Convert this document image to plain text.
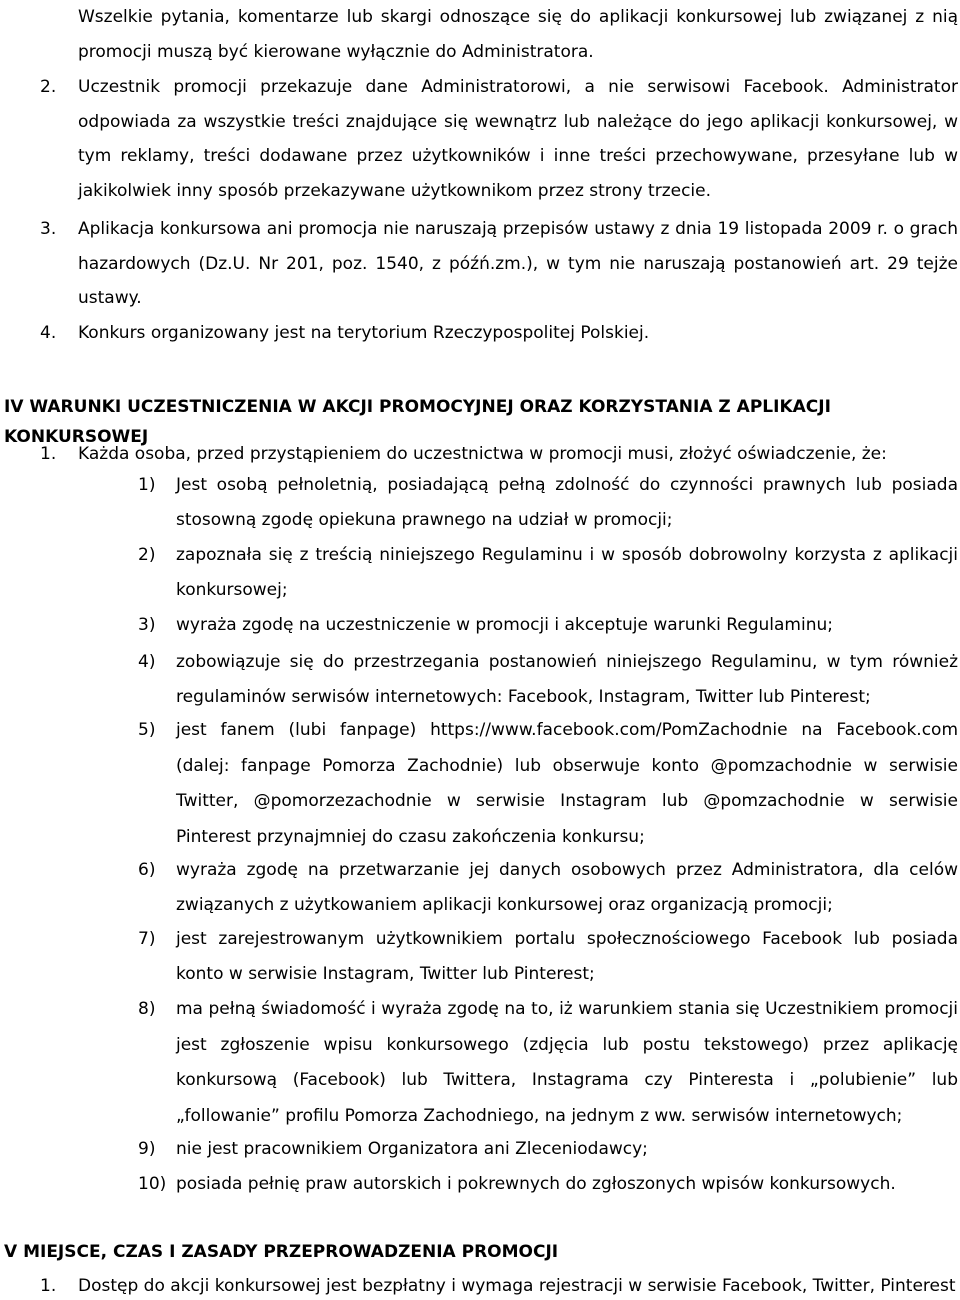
Wszelkie pytania, komentarze lub skargi odnoszące się do aplikacji konkursowej lub związanej z nią promocji muszą być kierowane wyłącznie do Administratora.

2. Uczestnik promocji przekazuje dane Administratorowi, a nie serwisowi Facebook. Administrator odpowiada za wszystkie treści znajdujące się wewnątrz lub należące do jego aplikacji konkursowej, w tym reklamy, treści dodawane przez użytkowników i inne treści przechowywane, przesyłane lub w jakikolwiek inny sposób przekazywane użytkownikom przez strony trzecie.

3. Aplikacja konkursowa ani promocja nie naruszają przepisów ustawy z dnia 19 listopada 2009 r. o grach hazardowych (Dz.U. Nr 201, poz. 1540, z późń.zm.), w tym nie naruszają postanowień art. 29 tejże ustawy.

4. Konkurs organizowany jest na terytorium Rzeczypospolitej Polskiej.

IV WARUNKI UCZESTNICZENIA W AKCJI PROMOCYJNEJ ORAZ KORZYSTANIA Z APLIKACJI KONKURSOWEJ
1. Każda osoba, przed przystąpieniem do uczestnictwa w promocji musi, złożyć oświadczenie, że:
1) Jest osobą pełnoletnią, posiadającą pełną zdolność do czynności prawnych lub posiada stosowną zgodę opiekuna prawnego na udział w promocji;

2) zapoznała się z treścią niniejszego Regulaminu i w sposób dobrowolny korzysta z aplikacji konkursowej;

3) wyraża zgodę na uczestniczenie w promocji i akceptuje warunki Regulaminu;

4) zobowiązuje się do przestrzegania postanowień niniejszego Regulaminu, w tym również regulaminów serwisów internetowych: Facebook, Instagram, Twitter lub Pinterest;

5) jest fanem (lubi fanpage) https://www.facebook.com/PomZachodnie na Facebook.com (dalej: fanpage Pomorza Zachodnie) lub obserwuje konto @pomzachodnie w serwisie Twitter, @pomorzezachodnie w serwisie Instagram lub @pomzachodnie w serwisie Pinterest przynajmniej do czasu zakończenia konkursu;

6) wyraża zgodę na przetwarzanie jej danych osobowych przez Administratora, dla celów związanych z użytkowaniem aplikacji konkursowej oraz organizacją promocji;

7) jest zarejestrowanym użytkownikiem portalu społecznościowego Facebook lub posiada konto w serwisie Instagram, Twitter lub Pinterest;

8) ma pełną świadomość i wyraża zgodę na to, iż warunkiem stania się Uczestnikiem promocji jest zgłoszenie wpisu konkursowego (zdjęcia lub postu tekstowego) przez aplikację konkursową (Facebook) lub Twittera, Instagrama czy Pinteresta i „polubienie” lub „followanie” profilu Pomorza Zachodniego, na jednym z ww. serwisów internetowych;

9) nie jest pracownikiem Organizatora ani Zleceniodawcy;

10) posiada pełnię praw autorskich i pokrewnych do zgłoszonych wpisów konkursowych.

V MIEJSCE, CZAS I ZASADY PRZEPROWADZENIA PROMOCJI
1. Dostęp do akcji konkursowej jest bezpłatny i wymaga rejestracji w serwisie Facebook, Twitter, Pinterest
